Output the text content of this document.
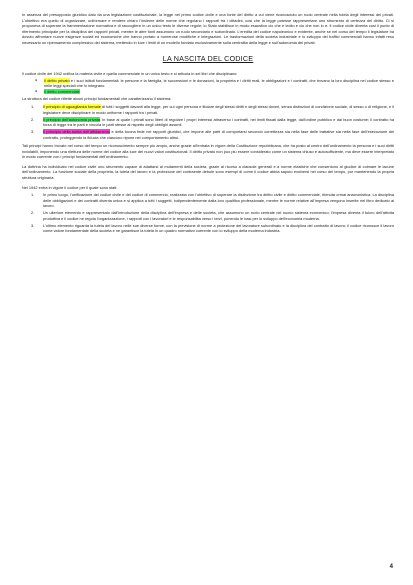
In assenza del presupposto giuridico dato da una legislazione costituzionale, la legge nel primo codice civile e una fonte del diritto a cui viene riconosciuto un ruolo centrale nella tutela degli interessi dei privati. L'obiettivo era quello di organizzare, uniformare e rendere chiaro l'insieme delle norme che regolano i rapporti tra i cittadini, cosi che la legge potesse rappresentare uno strumento di certezza del diritto. Ci si proponeva di superare la frammentazione normativa e di raccogliere in un unico testo le diverse regole; lo Stato stabilisce in modo esaustivo cio che e lecito e cio che non lo e. Il codice civile diventa cosi il punto di riferimento principale per la disciplina dei rapporti privati, mentre le altre fonti assumono un ruolo secondario e subordinato. L'eredita del codice napoleonico e evidente, anche se nel corso del tempo il legislatore ha dovuto affrontare nuove esigenze sociali ed economiche che hanno portato a numerose modifiche e integrazioni. Le trasformazioni della societa industriale e lo sviluppo dei traffici commerciali hanno infatti reso necessario un ripensamento complessivo del sistema, mettendo in luce i limiti di un modello fondato esclusivamente sulla centralita della legge e sull'autonomia dei privati.

LA NASCITA DEL CODICE

Il codice civile del 1942 unifica la materia civile e quella commerciale in un unico testo e si articola in sei libri che disciplinano:

● Il diritto privato e i suoi istituti fondamentali: le persone e la famiglia, le successioni e le donazioni, la proprieta e i diritti reali, le obbligazioni e i contratti, che trovano la loro disciplina nel codice stesso e nelle leggi speciali che lo integrano.
● Il diritto commerciale

La struttura del codice riflette alcuni principi fondamentali che caratterizzano il sistema:

1. Il principio di uguaglianza formale di tutti i soggetti davanti alla legge, per cui ogni persona e titolare degli stessi diritti e degli stessi doveri, senza distinzioni di condizione sociale, di sesso o di religione, e il legislatore deve disciplinare in modo uniforme i rapporti tra i privati.
2. Il principio dell'autonomia privata, in base al quale i privati sono liberi di regolare i propri interessi attraverso i contratti, nei limiti fissati dalla legge, dall'ordine pubblico e dal buon costume; il contratto ha forza di legge tra le parti e vincola le parti stesse al rispetto degli obblighi assunti.
3. Il principio della tutela dell'affidamento e della buona fede nei rapporti giuridici, che impone alle parti di comportarsi secondo correttezza sia nella fase delle trattative sia nella fase dell'esecuzione del contratto, proteggendo la fiducia che ciascuno ripone nel comportamento altrui.

Tali principi hanno trovato nel corso del tempo un riconoscimento sempre piu ampio, anche grazie all'entrata in vigore della Costituzione repubblicana, che ha posto al centro dell'ordinamento la persona e i suoi diritti inviolabili, imponendo una rilettura delle norme del codice alla luce dei nuovi valori costituzionali. Il diritto privato non puo piu essere considerato come un sistema chiuso e autosufficiente, ma deve essere interpretato in modo coerente con i principi fondamentali dell'ordinamento.

La dottrina ha individuato nel codice civile uno strumento capace di adattarsi ai mutamenti della societa, grazie al ricorso a clausole generali e a norme elastiche che consentono al giudice di colmare le lacune dell'ordinamento. La funzione sociale della proprieta, la tutela del lavoro e la protezione del contraente debole sono esempi di come il codice abbia saputo evolversi nel corso del tempo, pur mantenendo la propria struttura originaria.

Nel 1942 entra in vigore il codice per il quale sono stati:

1. In primo luogo, l'unificazione del codice civile e del codice di commercio, realizzata con l'obiettivo di superare la distinzione tra diritto civile e diritto commerciale, ritenuta ormai anacronistica. La disciplina delle obbligazioni e dei contratti diventa unica e si applica a tutti i soggetti, indipendentemente dalla loro qualifica professionale, mentre le norme relative all'impresa vengono inserite nel libro dedicato al lavoro.
2. Un ulteriore elemento e rappresentato dall'introduzione della disciplina dell'impresa e delle societa, che assumono un ruolo centrale nel nuovo sistema economico; l'impresa diventa il fulcro dell'attivita produttiva e il codice ne regola l'organizzazione, i rapporti con i lavoratori e le responsabilita verso i terzi, ponendo le basi per lo sviluppo dell'economia moderna.
3. L'ultimo elemento riguarda la tutela del lavoro nelle sue diverse forme, con la previsione di norme a protezione del lavoratore subordinato e la disciplina del contratto di lavoro; il codice riconosce il lavoro come valore fondamentale della societa e ne garantisce la tutela in un quadro normativo coerente con lo sviluppo della moderna industria.
4
